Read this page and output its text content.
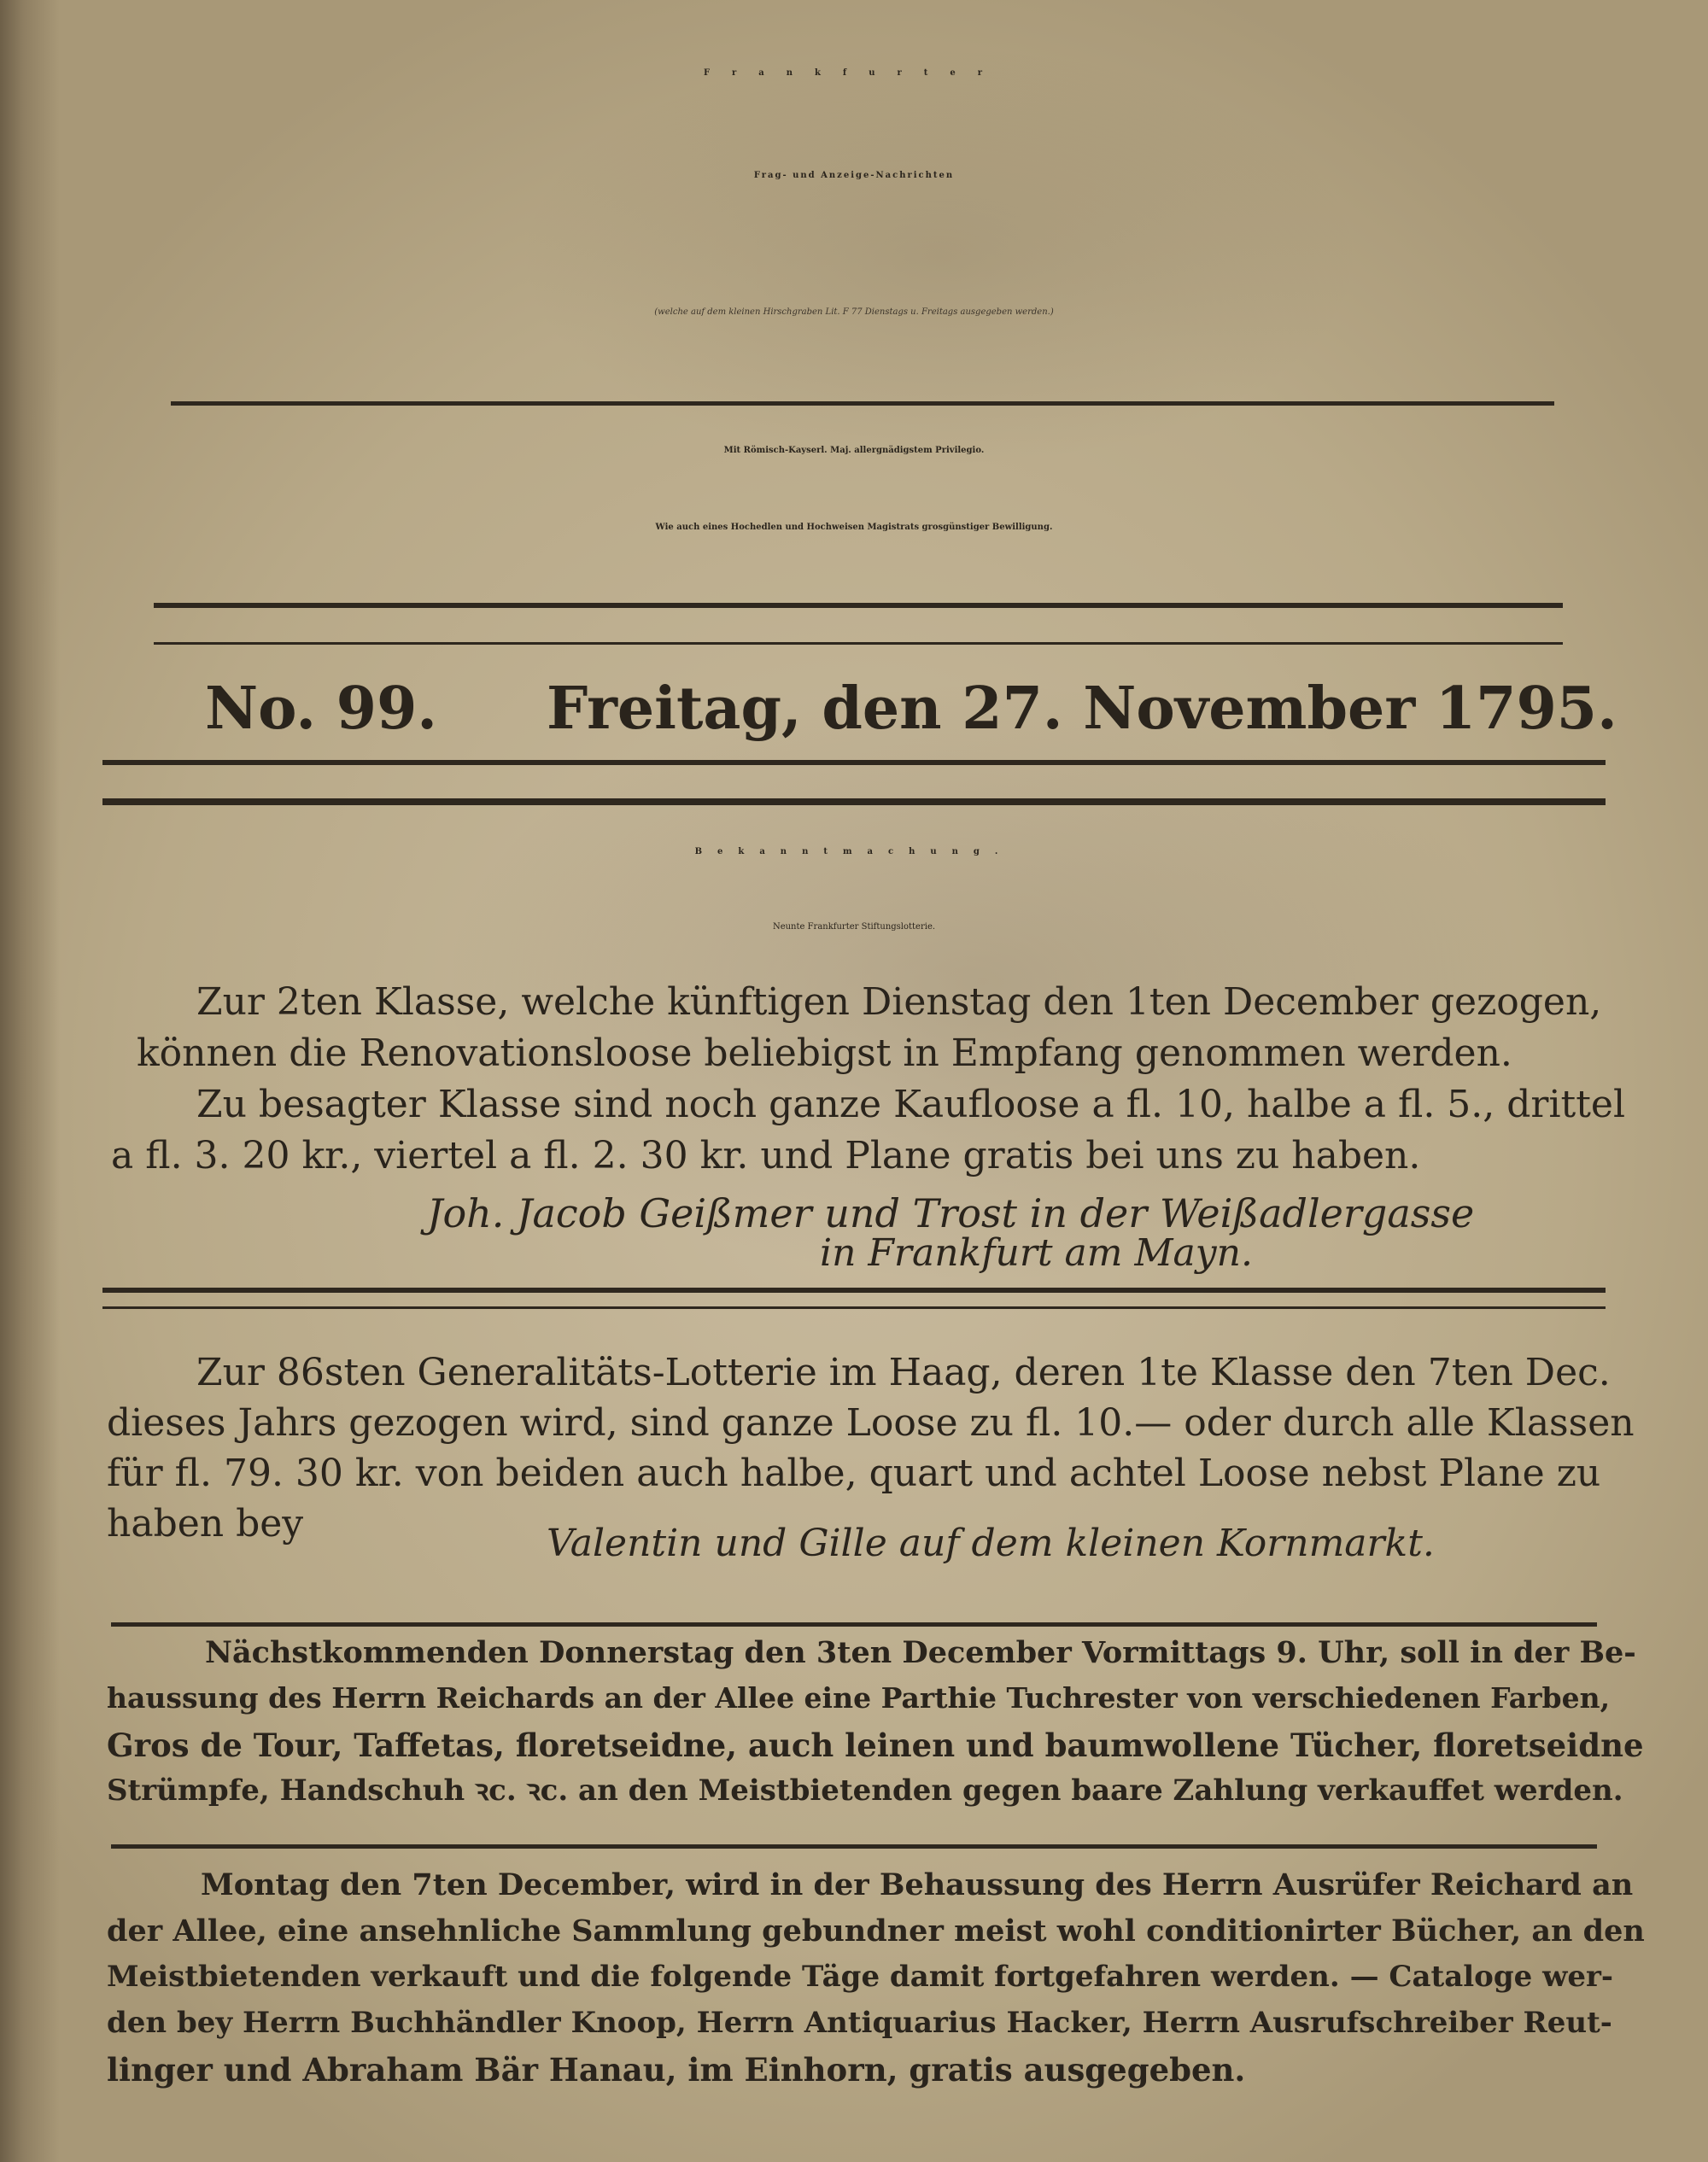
Frankfurter
Frag- und Anzeige-Nachrichten
(welche auf dem kleinen Hirschgraben Lit. F 77 Dienstags u. Freitags ausgegeben werden.)
Mit Römisch-Kayserl. Maj. allergnädigstem Privilegio.
Wie auch eines Hochedlen und Hochweisen Magistrats grosgünstiger Bewilligung.
No. 99. Freitag, den 27. November 1795.
Bekanntmachung.
Neunte Frankfurter Stiftungslotterie.
Zur 2ten Klasse, welche künftigen Dienstag den 1ten December gezogen,
können die Renovationsloose beliebigst in Empfang genommen werden.
Zu besagter Klasse sind noch ganze Kaufloose a fl. 10, halbe a fl. 5., drittel
a fl. 3. 20 kr., viertel a fl. 2. 30 kr. und Plane gratis bei uns zu haben.
Joh. Jacob Geißmer und Trost in der Weißadlergasse
in Frankfurt am Mayn.
Zur 86sten Generalitäts-Lotterie im Haag, deren 1te Klasse den 7ten Dec.
dieses Jahrs gezogen wird, sind ganze Loose zu fl. 10.— oder durch alle Klassen
für fl. 79. 30 kr. von beiden auch halbe, quart und achtel Loose nebst Plane zu
haben bey	Valentin und Gille auf dem kleinen Kornmarkt.
Nächstkommenden Donnerstag den 3ten December Vormittags 9. Uhr, soll in der Be-
haussung des Herrn Reichards an der Allee eine Parthie Tuchrester von verschiedenen Farben,
Gros de Tour, Taffetas, floretseidne, auch leinen und baumwollene Tücher, floretseidne
Strümpfe, Handschuh ꝛc. ꝛc. an den Meistbietenden gegen baare Zahlung verkauffet werden.
Montag den 7ten December, wird in der Behaussung des Herrn Ausrüfer Reichard an
der Allee, eine ansehnliche Sammlung gebundner meist wohl conditionirter Bücher, an den
Meistbietenden verkauft und die folgende Täge damit fortgefahren werden. — Cataloge wer-
den bey Herrn Buchhändler Knoop, Herrn Antiquarius Hacker, Herrn Ausrufschreiber Reut-
linger und Abraham Bär Hanau, im Einhorn, gratis ausgegeben.
